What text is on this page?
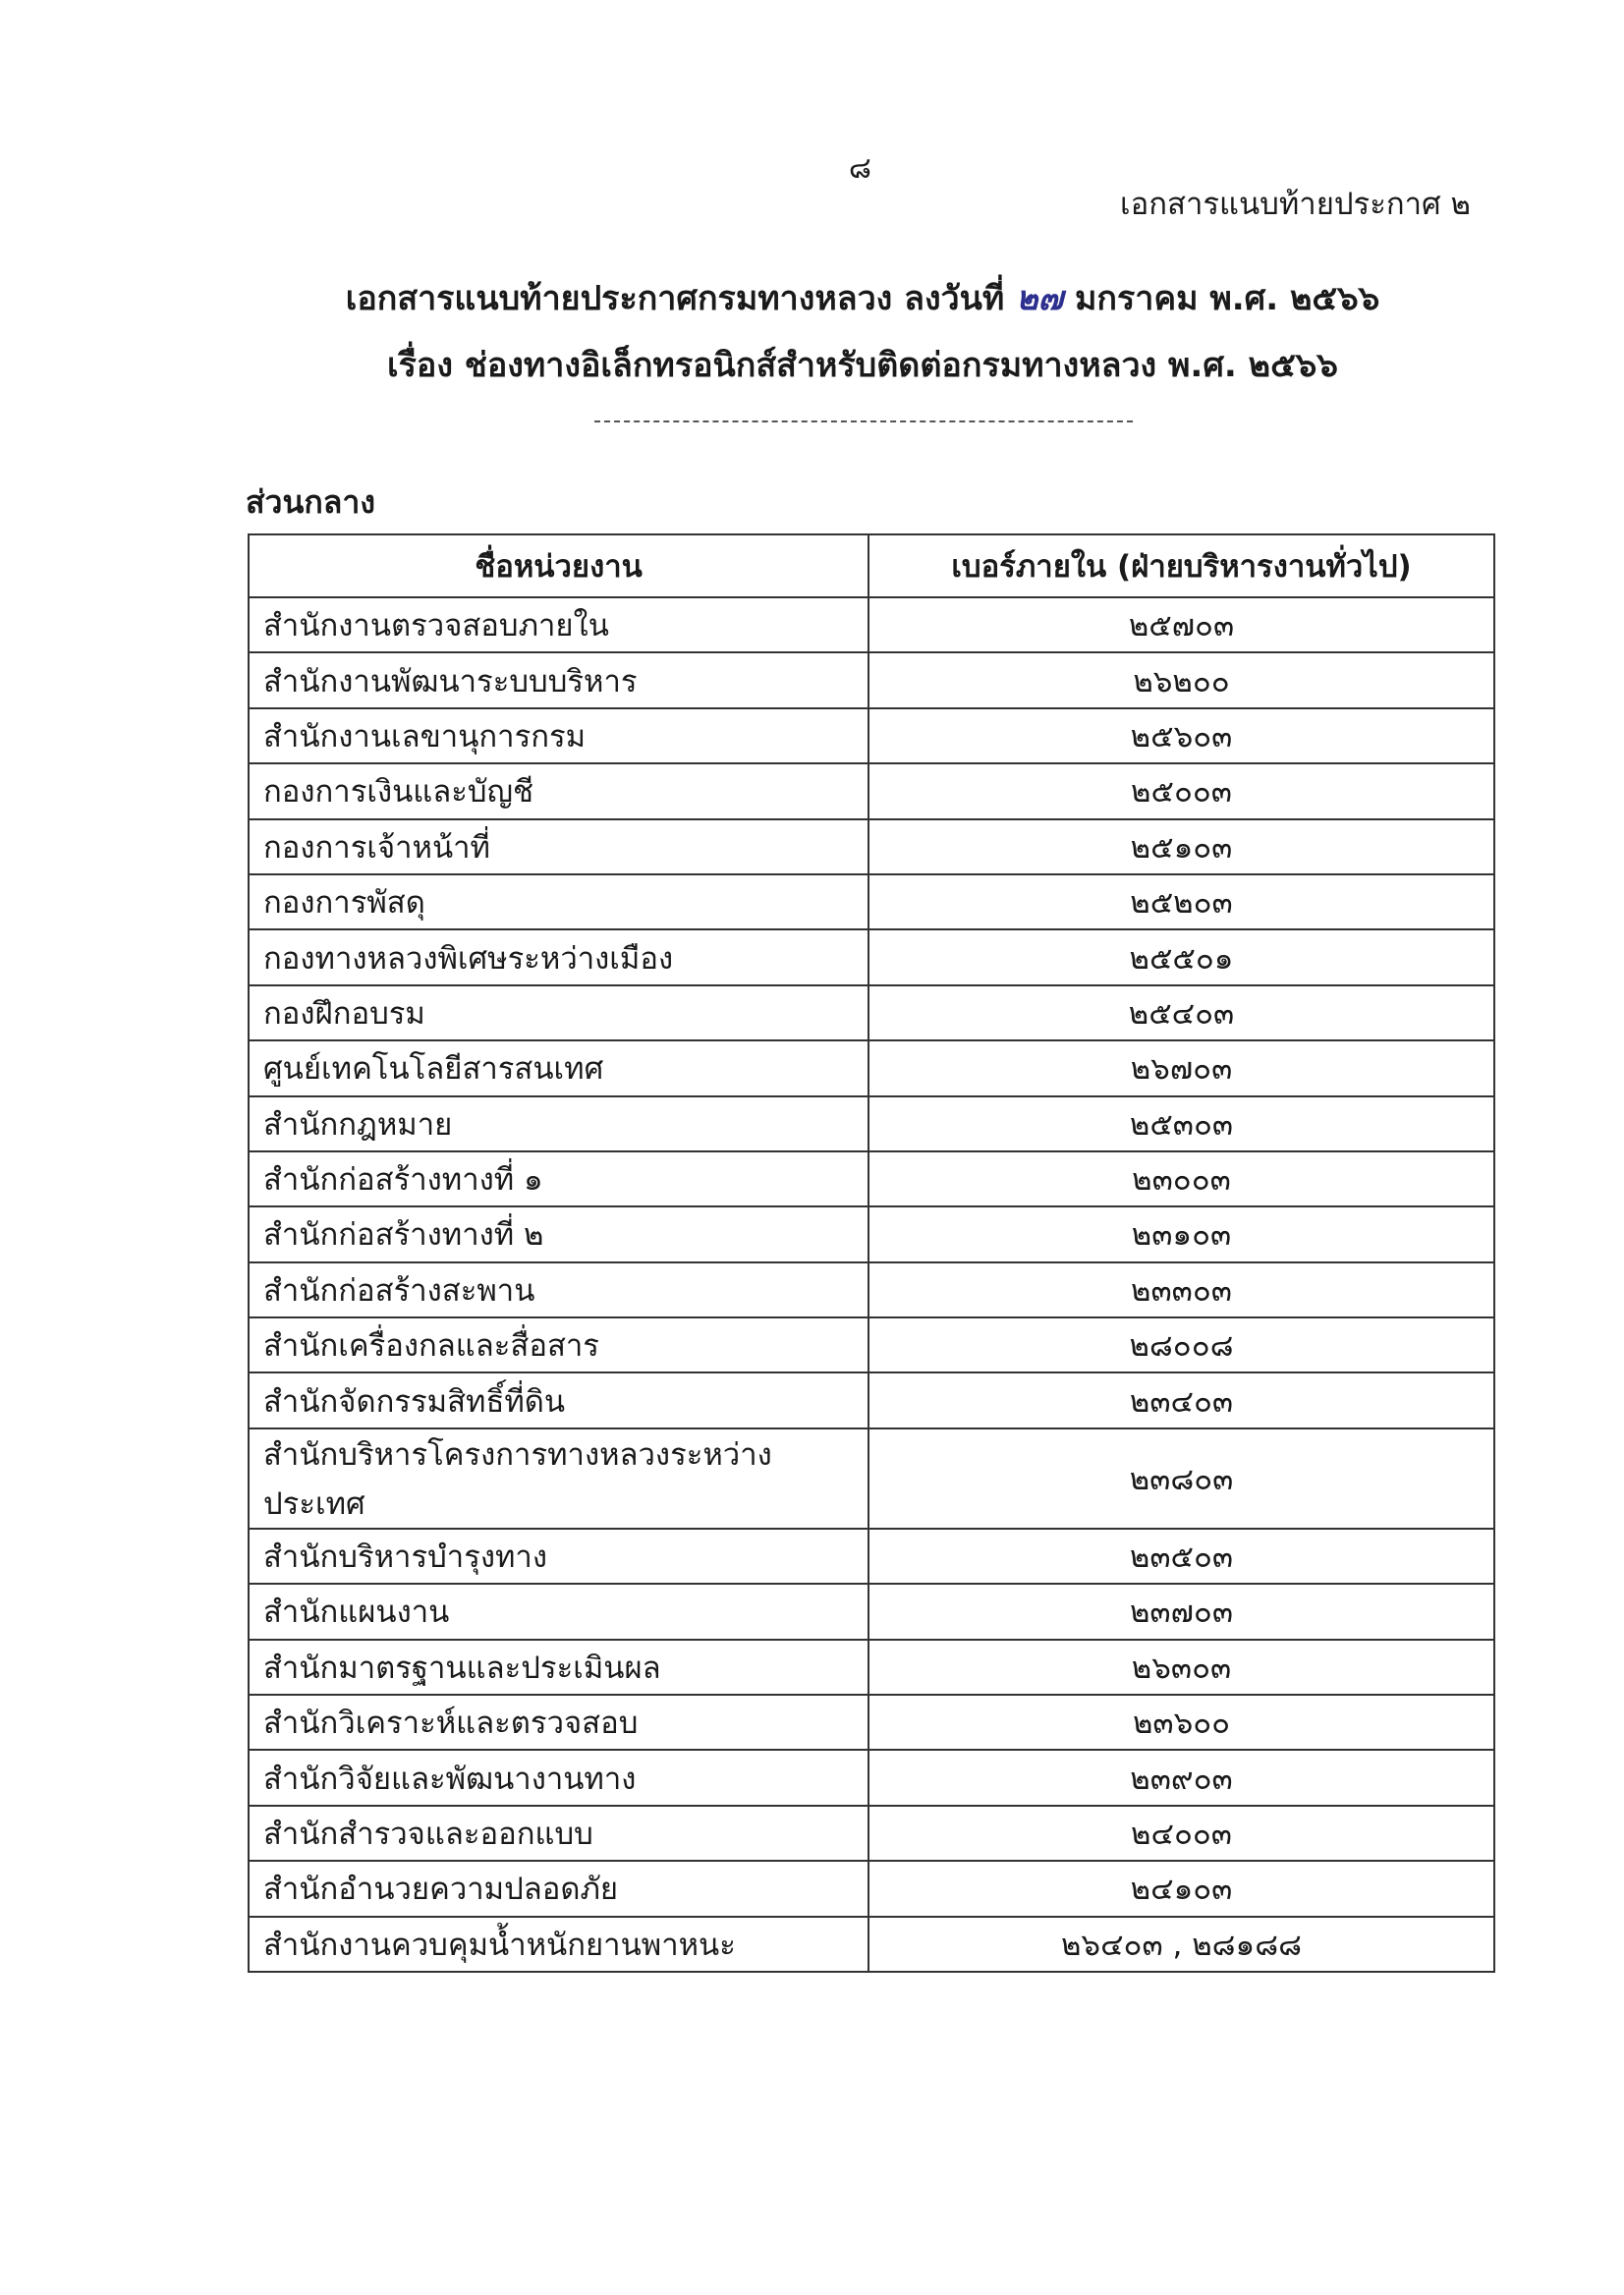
๘
เอกสารแนบท้ายประกาศ ๒
เอกสารแนบท้ายประกาศกรมทางหลวง ลงวันที่ ๒๗ มกราคม พ.ศ. ๒๕๖๖
เรื่อง ช่องทางอิเล็กทรอนิกส์สำหรับติดต่อกรมทางหลวง พ.ศ. ๒๕๖๖
ส่วนกลาง
ชื่อหน่วยงาน	เบอร์ภายใน (ฝ่ายบริหารงานทั่วไป)
สำนักงานตรวจสอบภายใน	๒๕๗๐๓
สำนักงานพัฒนาระบบบริหาร	๒๖๒๐๐
สำนักงานเลขานุการกรม	๒๕๖๐๓
กองการเงินและบัญชี	๒๕๐๐๓
กองการเจ้าหน้าที่	๒๕๑๐๓
กองการพัสดุ	๒๕๒๐๓
กองทางหลวงพิเศษระหว่างเมือง	๒๕๕๐๑
กองฝึกอบรม	๒๕๔๐๓
ศูนย์เทคโนโลยีสารสนเทศ	๒๖๗๐๓
สำนักกฎหมาย	๒๕๓๐๓
สำนักก่อสร้างทางที่ ๑	๒๓๐๐๓
สำนักก่อสร้างทางที่ ๒	๒๓๑๐๓
สำนักก่อสร้างสะพาน	๒๓๓๐๓
สำนักเครื่องกลและสื่อสาร	๒๘๐๐๘
สำนักจัดกรรมสิทธิ์ที่ดิน	๒๓๔๐๓
สำนักบริหารโครงการทางหลวงระหว่างประเทศ	๒๓๘๐๓
สำนักบริหารบำรุงทาง	๒๓๕๐๓
สำนักแผนงาน	๒๓๗๐๓
สำนักมาตรฐานและประเมินผล	๒๖๓๐๓
สำนักวิเคราะห์และตรวจสอบ	๒๓๖๐๐
สำนักวิจัยและพัฒนางานทาง	๒๓๙๐๓
สำนักสำรวจและออกแบบ	๒๔๐๐๓
สำนักอำนวยความปลอดภัย	๒๔๑๐๓
สำนักงานควบคุมน้ำหนักยานพาหนะ	๒๖๔๐๓ , ๒๘๑๘๘
